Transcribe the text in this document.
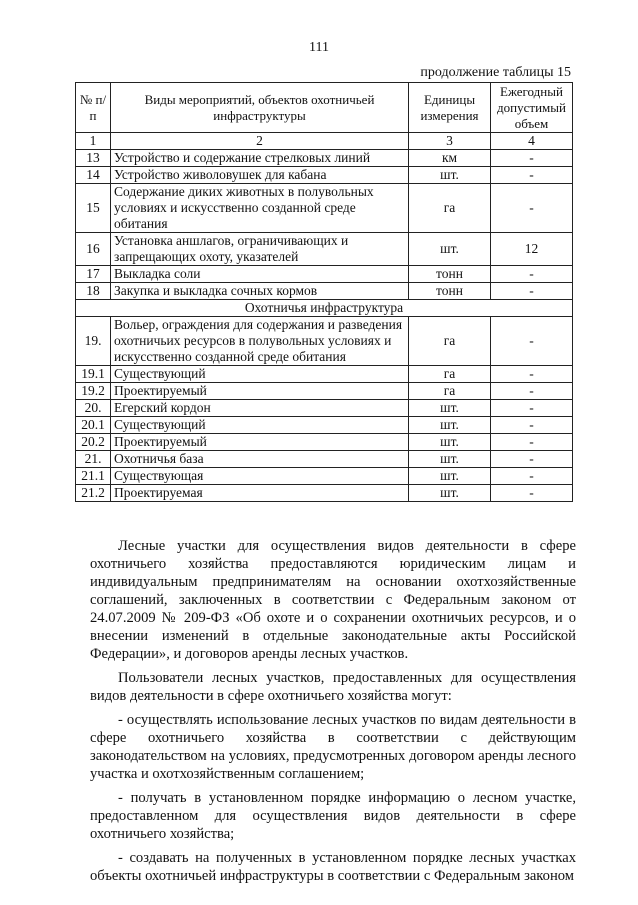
111
продолжение таблицы 15
№ п/п	Виды мероприятий, объектов охотничьей инфраструктуры	Единицы измерения	Ежегодный допустимый объем
1	2	3	4
13	Устройство и содержание стрелковых линий	км	-
14	Устройство живоловушек для кабана	шт.	-
15	Содержание диких животных в полувольных условиях и искусственно созданной среде обитания	га	-
16	Установка аншлагов, ограничивающих и запрещающих охоту, указателей	шт.	12
17	Выкладка соли	тонн	-
18	Закупка и выкладка сочных кормов	тонн	-
Охотничья инфраструктура			
19.	Вольер, ограждения для содержания и разведения охотничьих ресурсов в полувольных условиях и искусственно созданной среде обитания	га	-
19.1	Существующий	га	-
19.2	Проектируемый	га	-
20.	Егерский кордон	шт.	-
20.1	Существующий	шт.	-
20.2	Проектируемый	шт.	-
21.	Охотничья база	шт.	-
21.1	Существующая	шт.	-
21.2	Проектируемая	шт.	-

Лесные участки для осуществления видов деятельности в сфере охотничьего хозяйства предоставляются юридическим лицам и индивидуальным предпринимателям на основании охотхозяйственные соглашений, заключенных в соответствии с Федеральным законом от 24.07.2009 № 209-ФЗ «Об охоте и о сохранении охотничьих ресурсов, и о внесении изменений в отдельные законодательные акты Российской Федерации», и договоров аренды лесных участков.

Пользователи лесных участков, предоставленных для осуществления видов деятельности в сфере охотничьего хозяйства могут:

- осуществлять использование лесных участков по видам деятельности в сфере охотничьего хозяйства в соответствии с действующим законодательством на условиях, предусмотренных договором аренды лесного участка и охотхозяйственным соглашением;

- получать в установленном порядке информацию о лесном участке, предоставленном для осуществления видов деятельности в сфере охотничьего хозяйства;

- создавать на полученных в установленном порядке лесных участках объекты охотничьей инфраструктуры в соответствии с Федеральным законом
